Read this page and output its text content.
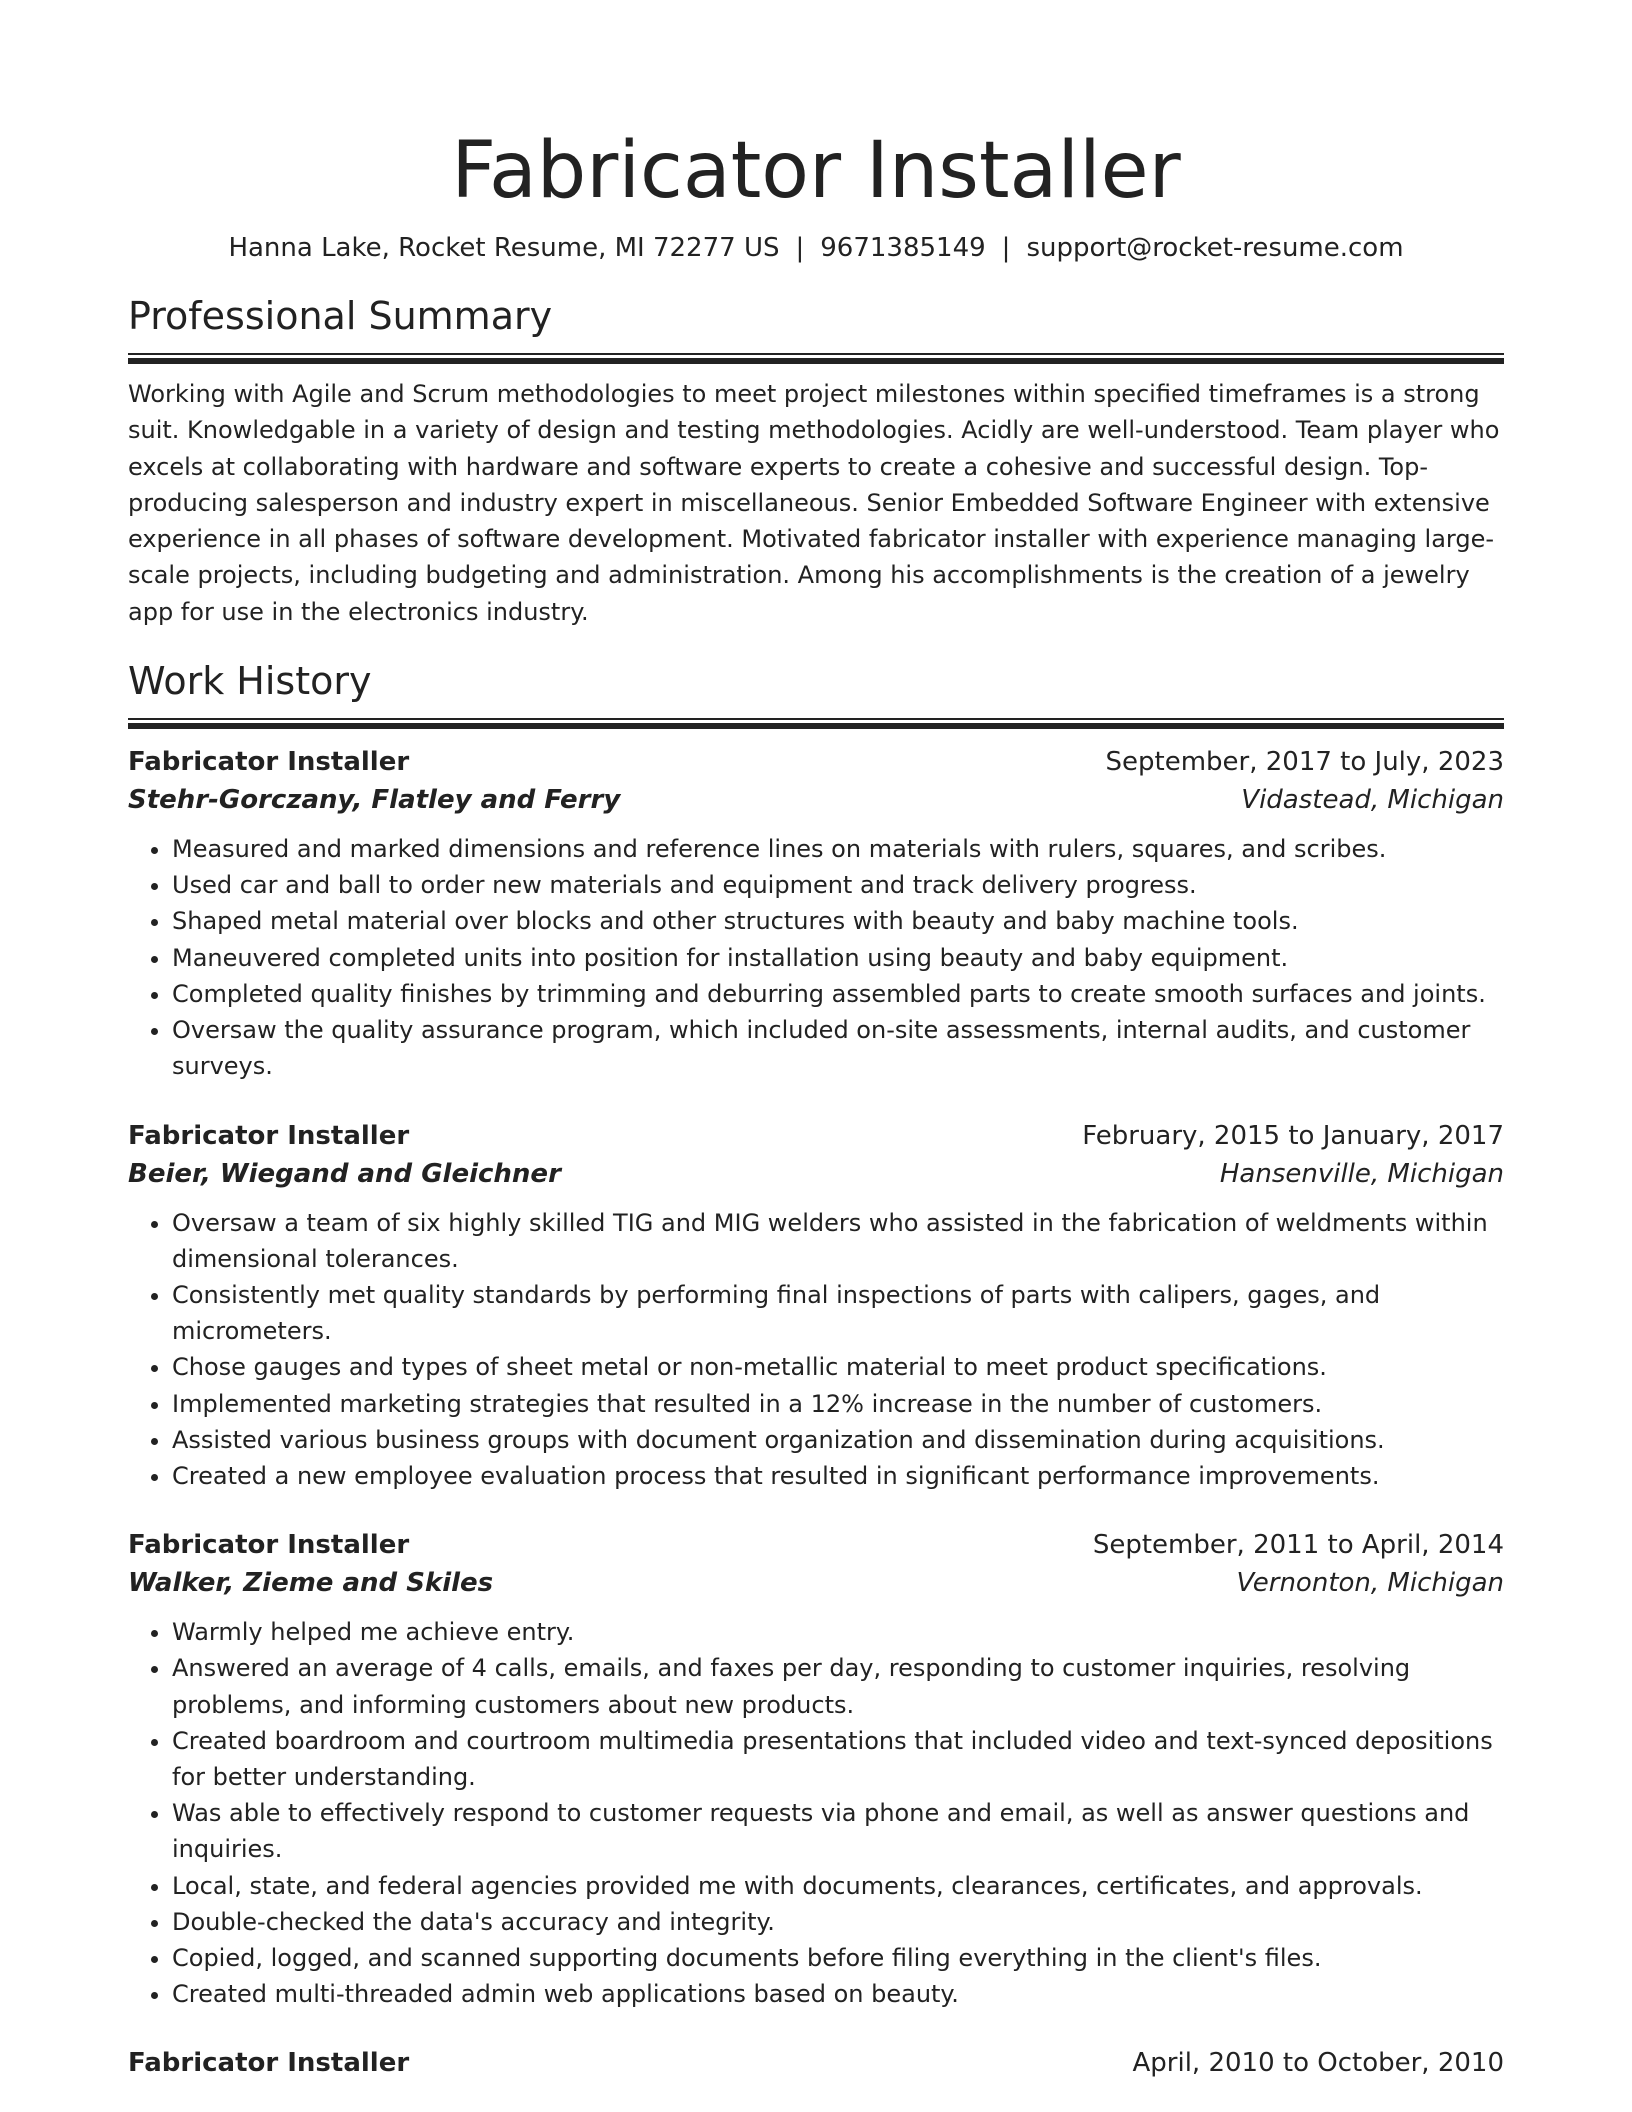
Fabricator Installer
Hanna Lake, Rocket Resume, MI 72277 US | 9671385149 | support@rocket-resume.com
Professional Summary

Working with Agile and Scrum methodologies to meet project milestones within specified timeframes is a strong suit. Knowledgable in a variety of design and testing methodologies. Acidly are well-understood. Team player who excels at collaborating with hardware and software experts to create a cohesive and successful design. Top-producing salesperson and industry expert in miscellaneous. Senior Embedded Software Engineer with extensive experience in all phases of software development. Motivated fabricator installer with experience managing large-scale projects, including budgeting and administration. Among his accomplishments is the creation of a jewelry app for use in the electronics industry.

Work History
Fabricator Installer	September, 2017 to July, 2023
Stehr-Gorczany, Flatley and Ferry	Vidastead, Michigan
• Measured and marked dimensions and reference lines on materials with rulers, squares, and scribes.
• Used car and ball to order new materials and equipment and track delivery progress.
• Shaped metal material over blocks and other structures with beauty and baby machine tools.
• Maneuvered completed units into position for installation using beauty and baby equipment.
• Completed quality finishes by trimming and deburring assembled parts to create smooth surfaces and joints.
• Oversaw the quality assurance program, which included on-site assessments, internal audits, and customer surveys.
Fabricator Installer	February, 2015 to January, 2017
Beier, Wiegand and Gleichner	Hansenville, Michigan
• Oversaw a team of six highly skilled TIG and MIG welders who assisted in the fabrication of weldments within dimensional tolerances.
• Consistently met quality standards by performing final inspections of parts with calipers, gages, and micrometers.
• Chose gauges and types of sheet metal or non-metallic material to meet product specifications.
• Implemented marketing strategies that resulted in a 12% increase in the number of customers.
• Assisted various business groups with document organization and dissemination during acquisitions.
• Created a new employee evaluation process that resulted in significant performance improvements.
Fabricator Installer	September, 2011 to April, 2014
Walker, Zieme and Skiles	Vernonton, Michigan
• Warmly helped me achieve entry.
• Answered an average of 4 calls, emails, and faxes per day, responding to customer inquiries, resolving problems, and informing customers about new products.
• Created boardroom and courtroom multimedia presentations that included video and text-synced depositions for better understanding.
• Was able to effectively respond to customer requests via phone and email, as well as answer questions and inquiries.
• Local, state, and federal agencies provided me with documents, clearances, certificates, and approvals.
• Double-checked the data's accuracy and integrity.
• Copied, logged, and scanned supporting documents before filing everything in the client's files.
• Created multi-threaded admin web applications based on beauty.
Fabricator Installer	April, 2010 to October, 2010
